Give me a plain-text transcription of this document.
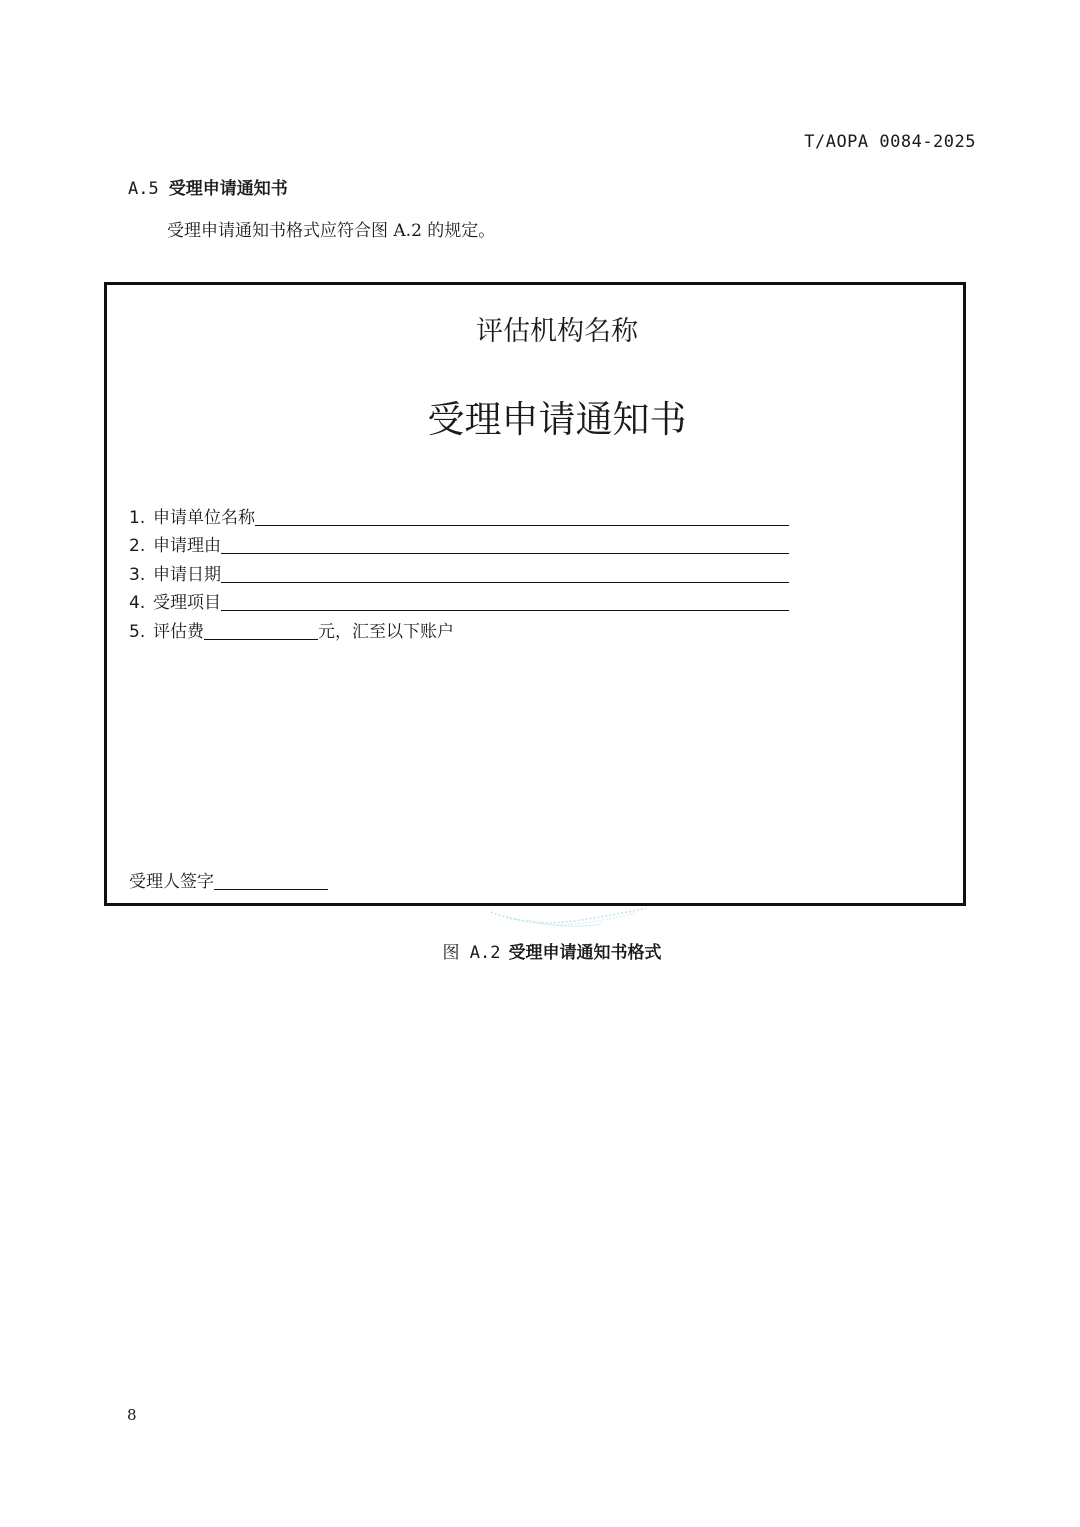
T/AOPA 0084-2025
A.5 受理申请通知书
受理申请通知书格式应符合图 A.2 的规定。
评估机构名称
受理申请通知书
1. 申请单位名称
2. 申请理由
3. 申请日期
4. 受理项目
5. 评估费	元，汇至以下账户
受理人签字
图 A.2 受理申请通知书格式
8
